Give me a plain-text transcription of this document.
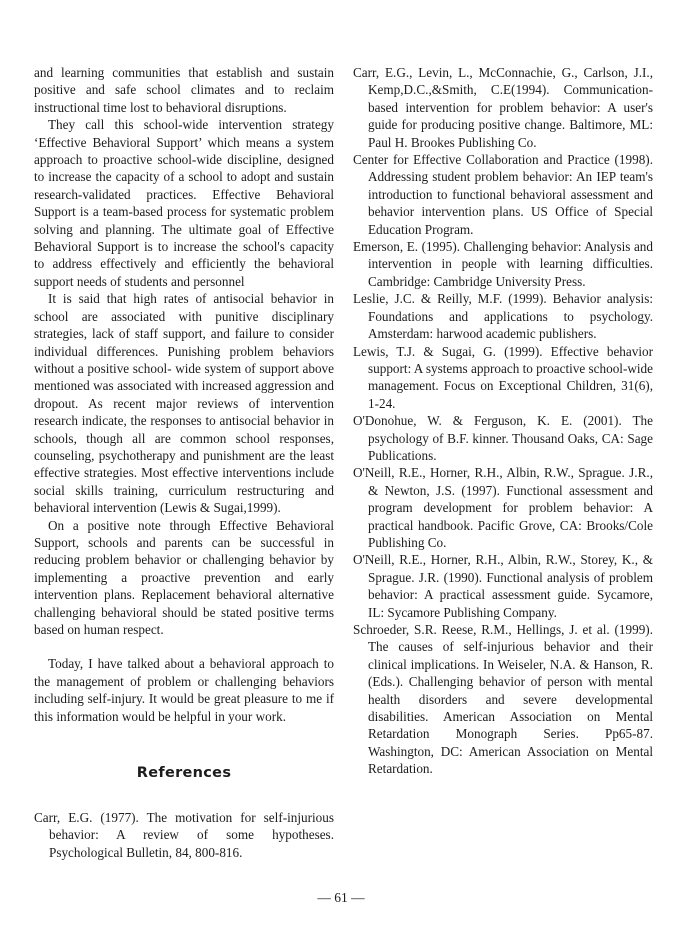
and learning communities that establish and sustain positive and safe school climates and to reclaim instructional time lost to behavioral disruptions.

They call this school-wide intervention strategy ‘Effective Behavioral Support’ which means a system approach to proactive school-wide discipline, designed to increase the capacity of a school to adopt and sustain research-validated practices. Effective Behavioral Support is a team-based process for systematic problem solving and planning. The ultimate goal of Effective Behavioral Support is to increase the school's capacity to address effectively and efficiently the behavioral support needs of students and personnel

It is said that high rates of antisocial behavior in school are associated with punitive disciplinary strategies, lack of staff support, and failure to consider individual differences. Punishing problem behaviors without a positive school- wide system of support above mentioned was associated with increased aggression and dropout. As recent major reviews of intervention research indicate, the responses to antisocial behavior in schools, though all are common school responses, counseling, psychotherapy and punishment are the least effective strategies. Most effective interventions include social skills training, curriculum restructuring and behavioral intervention (Lewis & Sugai,1999).

On a positive note through Effective Behavioral Support, schools and parents can be successful in reducing problem behavior or challenging behavior by implementing a proactive prevention and early intervention plans. Replacement behavioral alternative challenging behavioral should be stated positive terms based on human respect.

Today, I have talked about a behavioral approach to the management of problem or challenging behaviors including self-injury. It would be great pleasure to me if this information would be helpful in your work.

References

Carr, E.G. (1977). The motivation for self-injurious behavior: A review of some hypotheses. Psychological Bulletin, 84, 800-816.

Carr, E.G., Levin, L., McConnachie, G., Carlson, J.I., Kemp,D.C.,&Smith, C.E(1994). Communication-based intervention for problem behavior: A user's guide for producing positive change. Baltimore, ML: Paul H. Brookes Publishing Co.

Center for Effective Collaboration and Practice (1998). Addressing student problem behavior: An IEP team's introduction to functional behavioral assessment and behavior intervention plans. US Office of Special Education Program.

Emerson, E. (1995). Challenging behavior: Analysis and intervention in people with learning difficulties. Cambridge: Cambridge University Press.

Leslie, J.C. & Reilly, M.F. (1999). Behavior analysis: Foundations and applications to psychology. Amsterdam: harwood academic publishers.

Lewis, T.J. & Sugai, G. (1999). Effective behavior support: A systems approach to proactive school-wide management. Focus on Exceptional Children, 31(6), 1-24.

O'Donohue, W. & Ferguson, K. E. (2001). The psychology of B.F. kinner. Thousand Oaks, CA: Sage Publications.

O'Neill, R.E., Horner, R.H., Albin, R.W., Sprague. J.R., & Newton, J.S. (1997). Functional assessment and program development for problem behavior: A practical handbook. Pacific Grove, CA: Brooks/Cole Publishing Co.

O'Neill, R.E., Horner, R.H., Albin, R.W., Storey, K., & Sprague. J.R. (1990). Functional analysis of problem behavior: A practical assessment guide. Sycamore, IL: Sycamore Publishing Company.

Schroeder, S.R. Reese, R.M., Hellings, J. et al. (1999). The causes of self-injurious behavior and their clinical implications. In Weiseler, N.A. & Hanson, R. (Eds.). Challenging behavior of person with mental health disorders and severe developmental disabilities. American Association on Mental Retardation Monograph Series. Pp65-87. Washington, DC: American Association on Mental Retardation.

— 61 —
